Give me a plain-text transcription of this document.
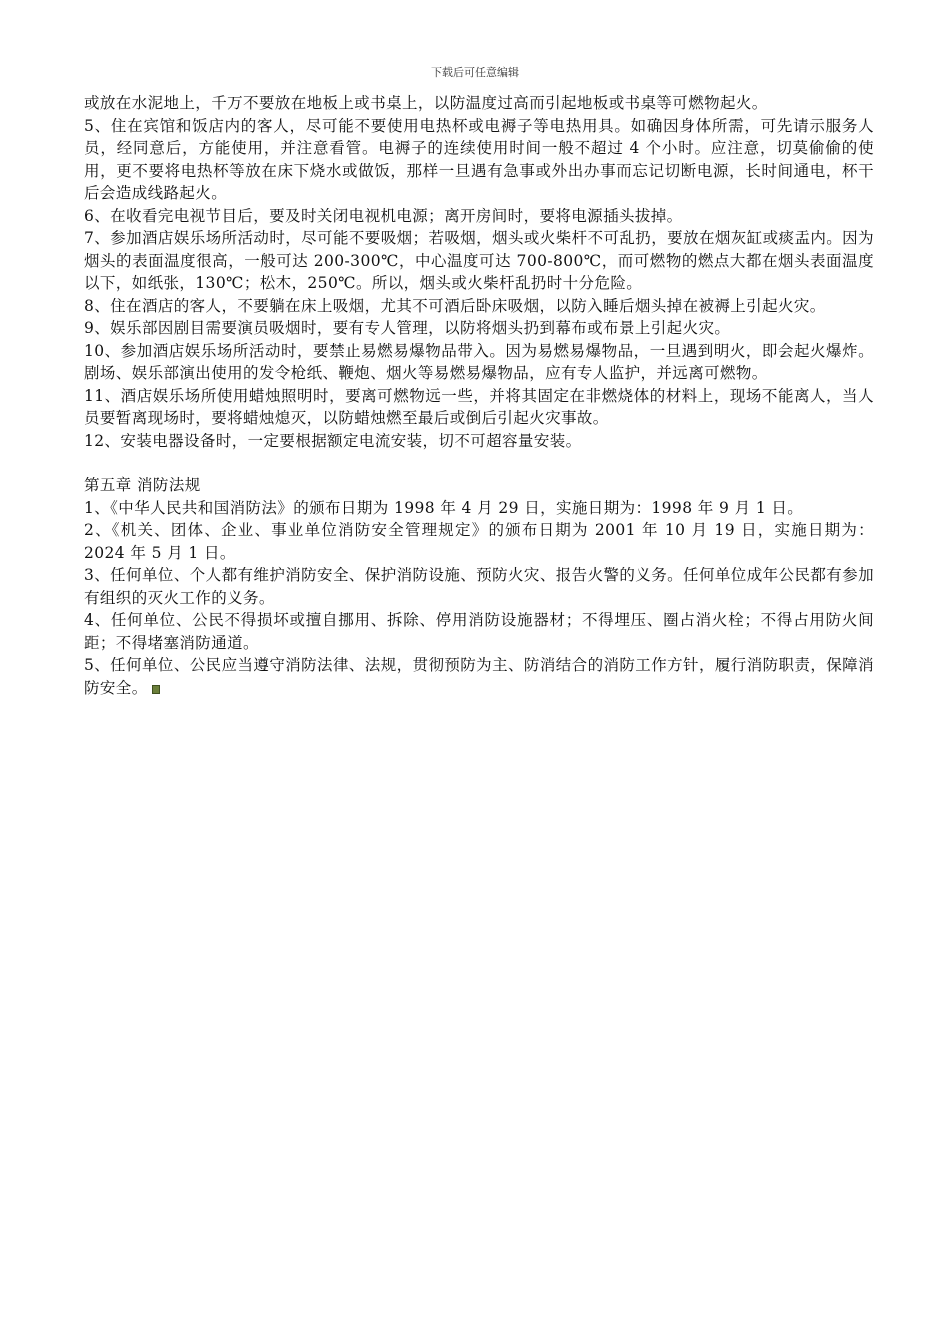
下载后可任意编辑

或放在水泥地上，千万不要放在地板上或书桌上，以防温度过高而引起地板或书桌等可燃物起火。

5、住在宾馆和饭店内的客人，尽可能不要使用电热杯或电褥子等电热用具。如确因身体所需，可先请示服务人员，经同意后，方能使用，并注意看管。电褥子的连续使用时间一般不超过 4 个小时。应注意，切莫偷偷的使用，更不要将电热杯等放在床下烧水或做饭，那样一旦遇有急事或外出办事而忘记切断电源，长时间通电，杯干后会造成线路起火。

6、在收看完电视节目后，要及时关闭电视机电源；离开房间时，要将电源插头拔掉。

7、参加酒店娱乐场所活动时，尽可能不要吸烟；若吸烟，烟头或火柴杆不可乱扔，要放在烟灰缸或痰盂内。因为烟头的表面温度很高，一般可达 200-300℃，中心温度可达 700-800℃，而可燃物的燃点大都在烟头表面温度以下，如纸张，130℃；松木，250℃。所以，烟头或火柴杆乱扔时十分危险。

8、住在酒店的客人，不要躺在床上吸烟，尤其不可酒后卧床吸烟，以防入睡后烟头掉在被褥上引起火灾。

9、娱乐部因剧目需要演员吸烟时，要有专人管理，以防将烟头扔到幕布或布景上引起火灾。

10、参加酒店娱乐场所活动时，要禁止易燃易爆物品带入。因为易燃易爆物品，一旦遇到明火，即会起火爆炸。剧场、娱乐部演出使用的发令枪纸、鞭炮、烟火等易燃易爆物品，应有专人监护，并远离可燃物。

11、酒店娱乐场所使用蜡烛照明时，要离可燃物远一些，并将其固定在非燃烧体的材料上，现场不能离人，当人员要暂离现场时，要将蜡烛熄灭，以防蜡烛燃至最后或倒后引起火灾事故。

12、安装电器设备时，一定要根据额定电流安装，切不可超容量安装。

第五章 消防法规

1、《中华人民共和国消防法》的颁布日期为 1998 年 4 月 29 日，实施日期为：1998 年 9 月 1 日。

2、《机关、团体、企业、事业单位消防安全管理规定》的颁布日期为 2001 年 10 月 19 日，实施日期为：2024 年 5 月 1 日。

3、任何单位、个人都有维护消防安全、保护消防设施、预防火灾、报告火警的义务。任何单位成年公民都有参加有组织的灭火工作的义务。

4、任何单位、公民不得损坏或擅自挪用、拆除、停用消防设施器材；不得埋压、圈占消火栓；不得占用防火间距；不得堵塞消防通道。

5、任何单位、公民应当遵守消防法律、法规，贯彻预防为主、防消结合的消防工作方针，履行消防职责，保障消防安全。
